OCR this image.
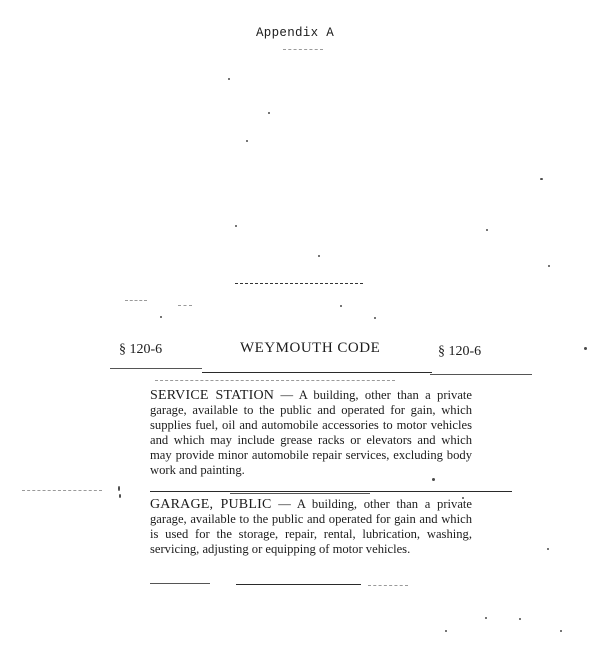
Appendix A
§ 120-6	WEYMOUTH CODE	§ 120-6
SERVICE STATION — A building, other than a private garage, available to the public and operated for gain, which supplies fuel, oil and automobile accessories to motor vehicles and which may include grease racks or elevators and which may provide minor automobile repair services, excluding body work and painting.
GARAGE, PUBLIC — A building, other than a private garage, available to the public and operated for gain and which is used for the storage, repair, rental, lubrication, washing, servicing, adjusting or equipping of motor vehicles.
